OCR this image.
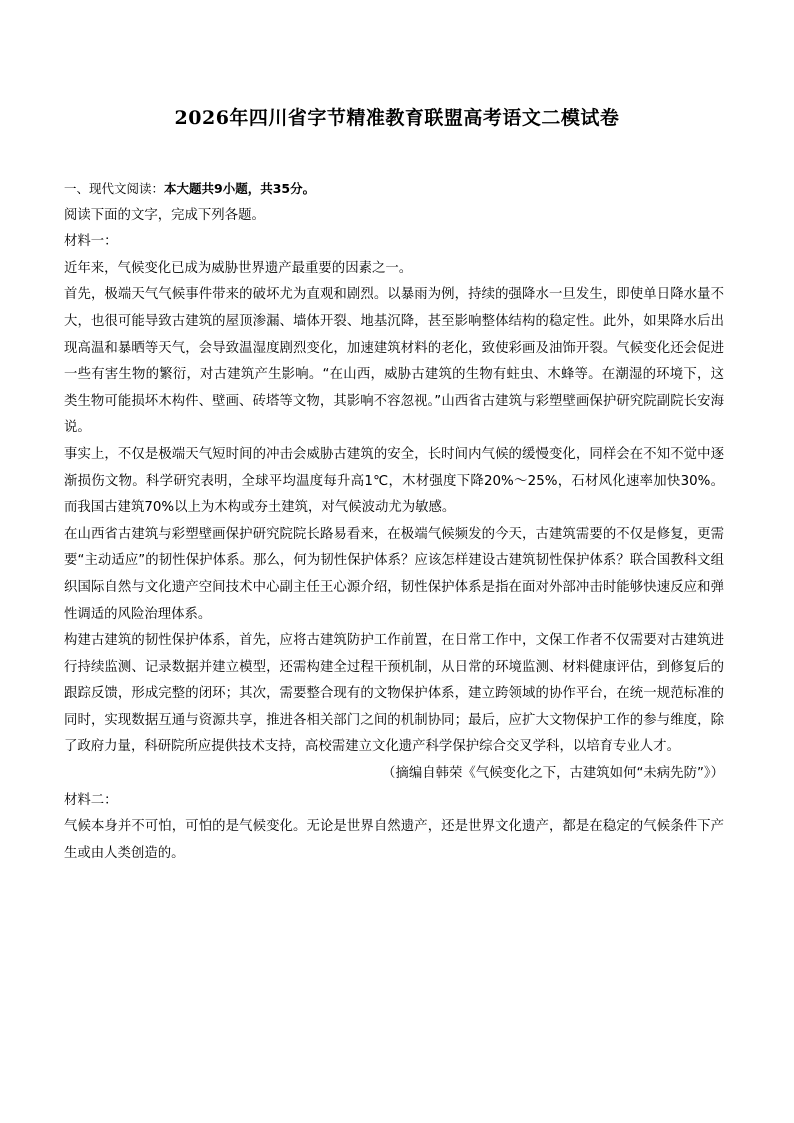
2026年四川省字节精准教育联盟高考语文二模试卷

一、现代文阅读：本大题共9小题，共35分。

阅读下面的文字，完成下列各题。

材料一：

近年来，气候变化已成为威胁世界遗产最重要的因素之一。

首先，极端天气气候事件带来的破坏尤为直观和剧烈。以暴雨为例，持续的强降水一旦发生，即使单日降水量不大，也很可能导致古建筑的屋顶渗漏、墙体开裂、地基沉降，甚至影响整体结构的稳定性。此外，如果降水后出现高温和暴晒等天气，会导致温湿度剧烈变化，加速建筑材料的老化，致使彩画及油饰开裂。气候变化还会促进一些有害生物的繁衍，对古建筑产生影响。“在山西，威胁古建筑的生物有蛀虫、木蜂等。在潮湿的环境下，这类生物可能损坏木构件、壁画、砖塔等文物，其影响不容忽视。”山西省古建筑与彩塑壁画保护研究院副院长安海说。

事实上，不仅是极端天气短时间的冲击会威胁古建筑的安全，长时间内气候的缓慢变化，同样会在不知不觉中逐渐损伤文物。科学研究表明，全球平均温度每升高1℃，木材强度下降20%～25%，石材风化速率加快30%。而我国古建筑70%以上为木构或夯土建筑，对气候波动尤为敏感。

在山西省古建筑与彩塑壁画保护研究院院长路易看来，在极端气候频发的今天，古建筑需要的不仅是修复，更需要“主动适应”的韧性保护体系。那么，何为韧性保护体系？应该怎样建设古建筑韧性保护体系？联合国教科文组织国际自然与文化遗产空间技术中心副主任王心源介绍，韧性保护体系是指在面对外部冲击时能够快速反应和弹性调适的风险治理体系。

构建古建筑的韧性保护体系，首先，应将古建筑防护工作前置，在日常工作中，文保工作者不仅需要对古建筑进行持续监测、记录数据并建立模型，还需构建全过程干预机制，从日常的环境监测、材料健康评估，到修复后的跟踪反馈，形成完整的闭环；其次，需要整合现有的文物保护体系，建立跨领域的协作平台，在统一规范标准的同时，实现数据互通与资源共享，推进各相关部门之间的机制协同；最后，应扩大文物保护工作的参与维度，除了政府力量，科研院所应提供技术支持，高校需建立文化遗产科学保护综合交叉学科，以培育专业人才。

（摘编自韩荣《气候变化之下，古建筑如何“未病先防”》）

材料二：

气候本身并不可怕，可怕的是气候变化。无论是世界自然遗产，还是世界文化遗产，都是在稳定的气候条件下产生或由人类创造的。
